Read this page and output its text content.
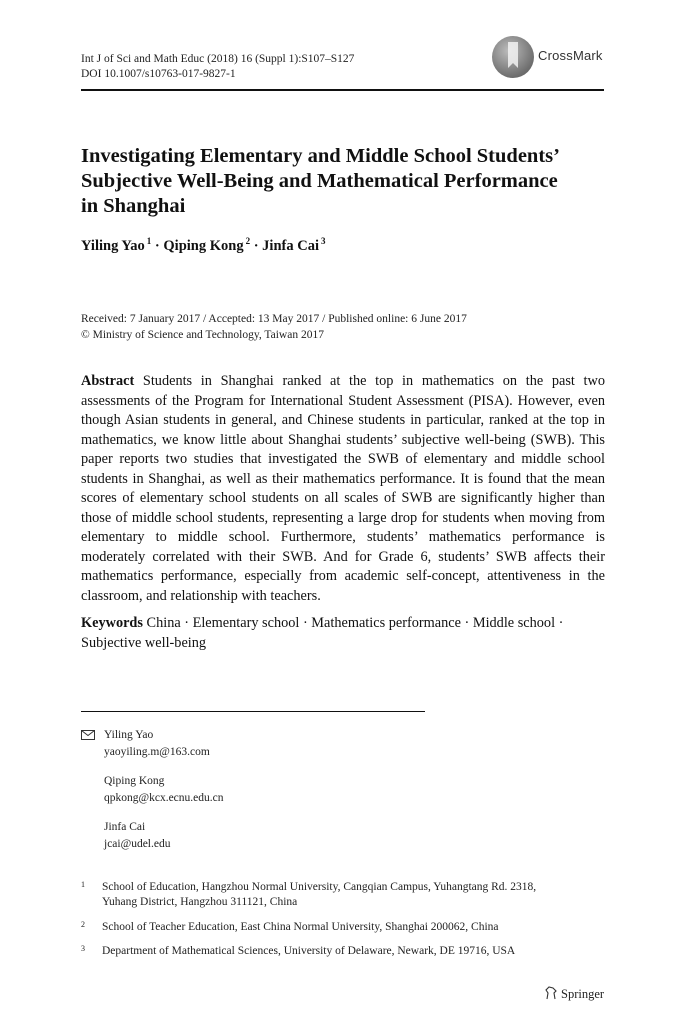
Int J of Sci and Math Educ (2018) 16 (Suppl 1):S107–S127
DOI 10.1007/s10763-017-9827-1
CrossMark
Investigating Elementary and Middle School Students’
Subjective Well-Being and Mathematical Performance
in Shanghai
Yiling Yao $^1$ · Qiping Kong $^2$ · Jinfa Cai $^3$
Received: 7 January 2017 / Accepted: 13 May 2017 / Published online: 6 June 2017
© Ministry of Science and Technology, Taiwan 2017
Abstract Students in Shanghai ranked at the top in mathematics on the past two assessments of the Program for International Student Assessment (PISA). However, even though Asian students in general, and Chinese students in particular, ranked at the top in mathematics, we know little about Shanghai students’ subjective well-being (SWB). This paper reports two studies that investigated the SWB of elementary and middle school students in Shanghai, as well as their mathematics performance. It is found that the mean scores of elementary school students on all scales of SWB are significantly higher than those of middle school students, representing a large drop for students when moving from elementary to middle school. Furthermore, students’ mathematics performance is moderately correlated with their SWB. And for Grade 6, students’ SWB affects their mathematics performance, especially from academic self-concept, attentiveness in the classroom, and relationship with teachers.
Keywords China · Elementary school · Mathematics performance · Middle school ·
Subjective well-being
Yiling Yao
yaoyiling.m@163.com
Qiping Kong
qpkong@kcx.ecnu.edu.cn
Jinfa Cai
jcai@udel.edu
1 School of Education, Hangzhou Normal University, Cangqian Campus, Yuhangtang Rd. 2318,
Yuhang District, Hangzhou 311121, China
2 School of Teacher Education, East China Normal University, Shanghai 200062, China
3 Department of Mathematical Sciences, University of Delaware, Newark, DE 19716, USA
Springer
